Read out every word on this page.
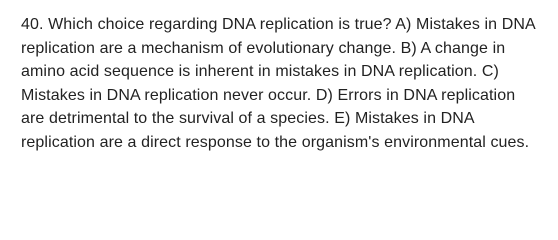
40. Which choice regarding DNA replication is true? A) Mistakes in DNA replication are a mechanism of evolutionary change. B) A change in amino acid sequence is inherent in mistakes in DNA replication. C) Mistakes in DNA replication never occur. D) Errors in DNA replication are detrimental to the survival of a species. E) Mistakes in DNA replication are a direct response to the organism's environmental cues.
